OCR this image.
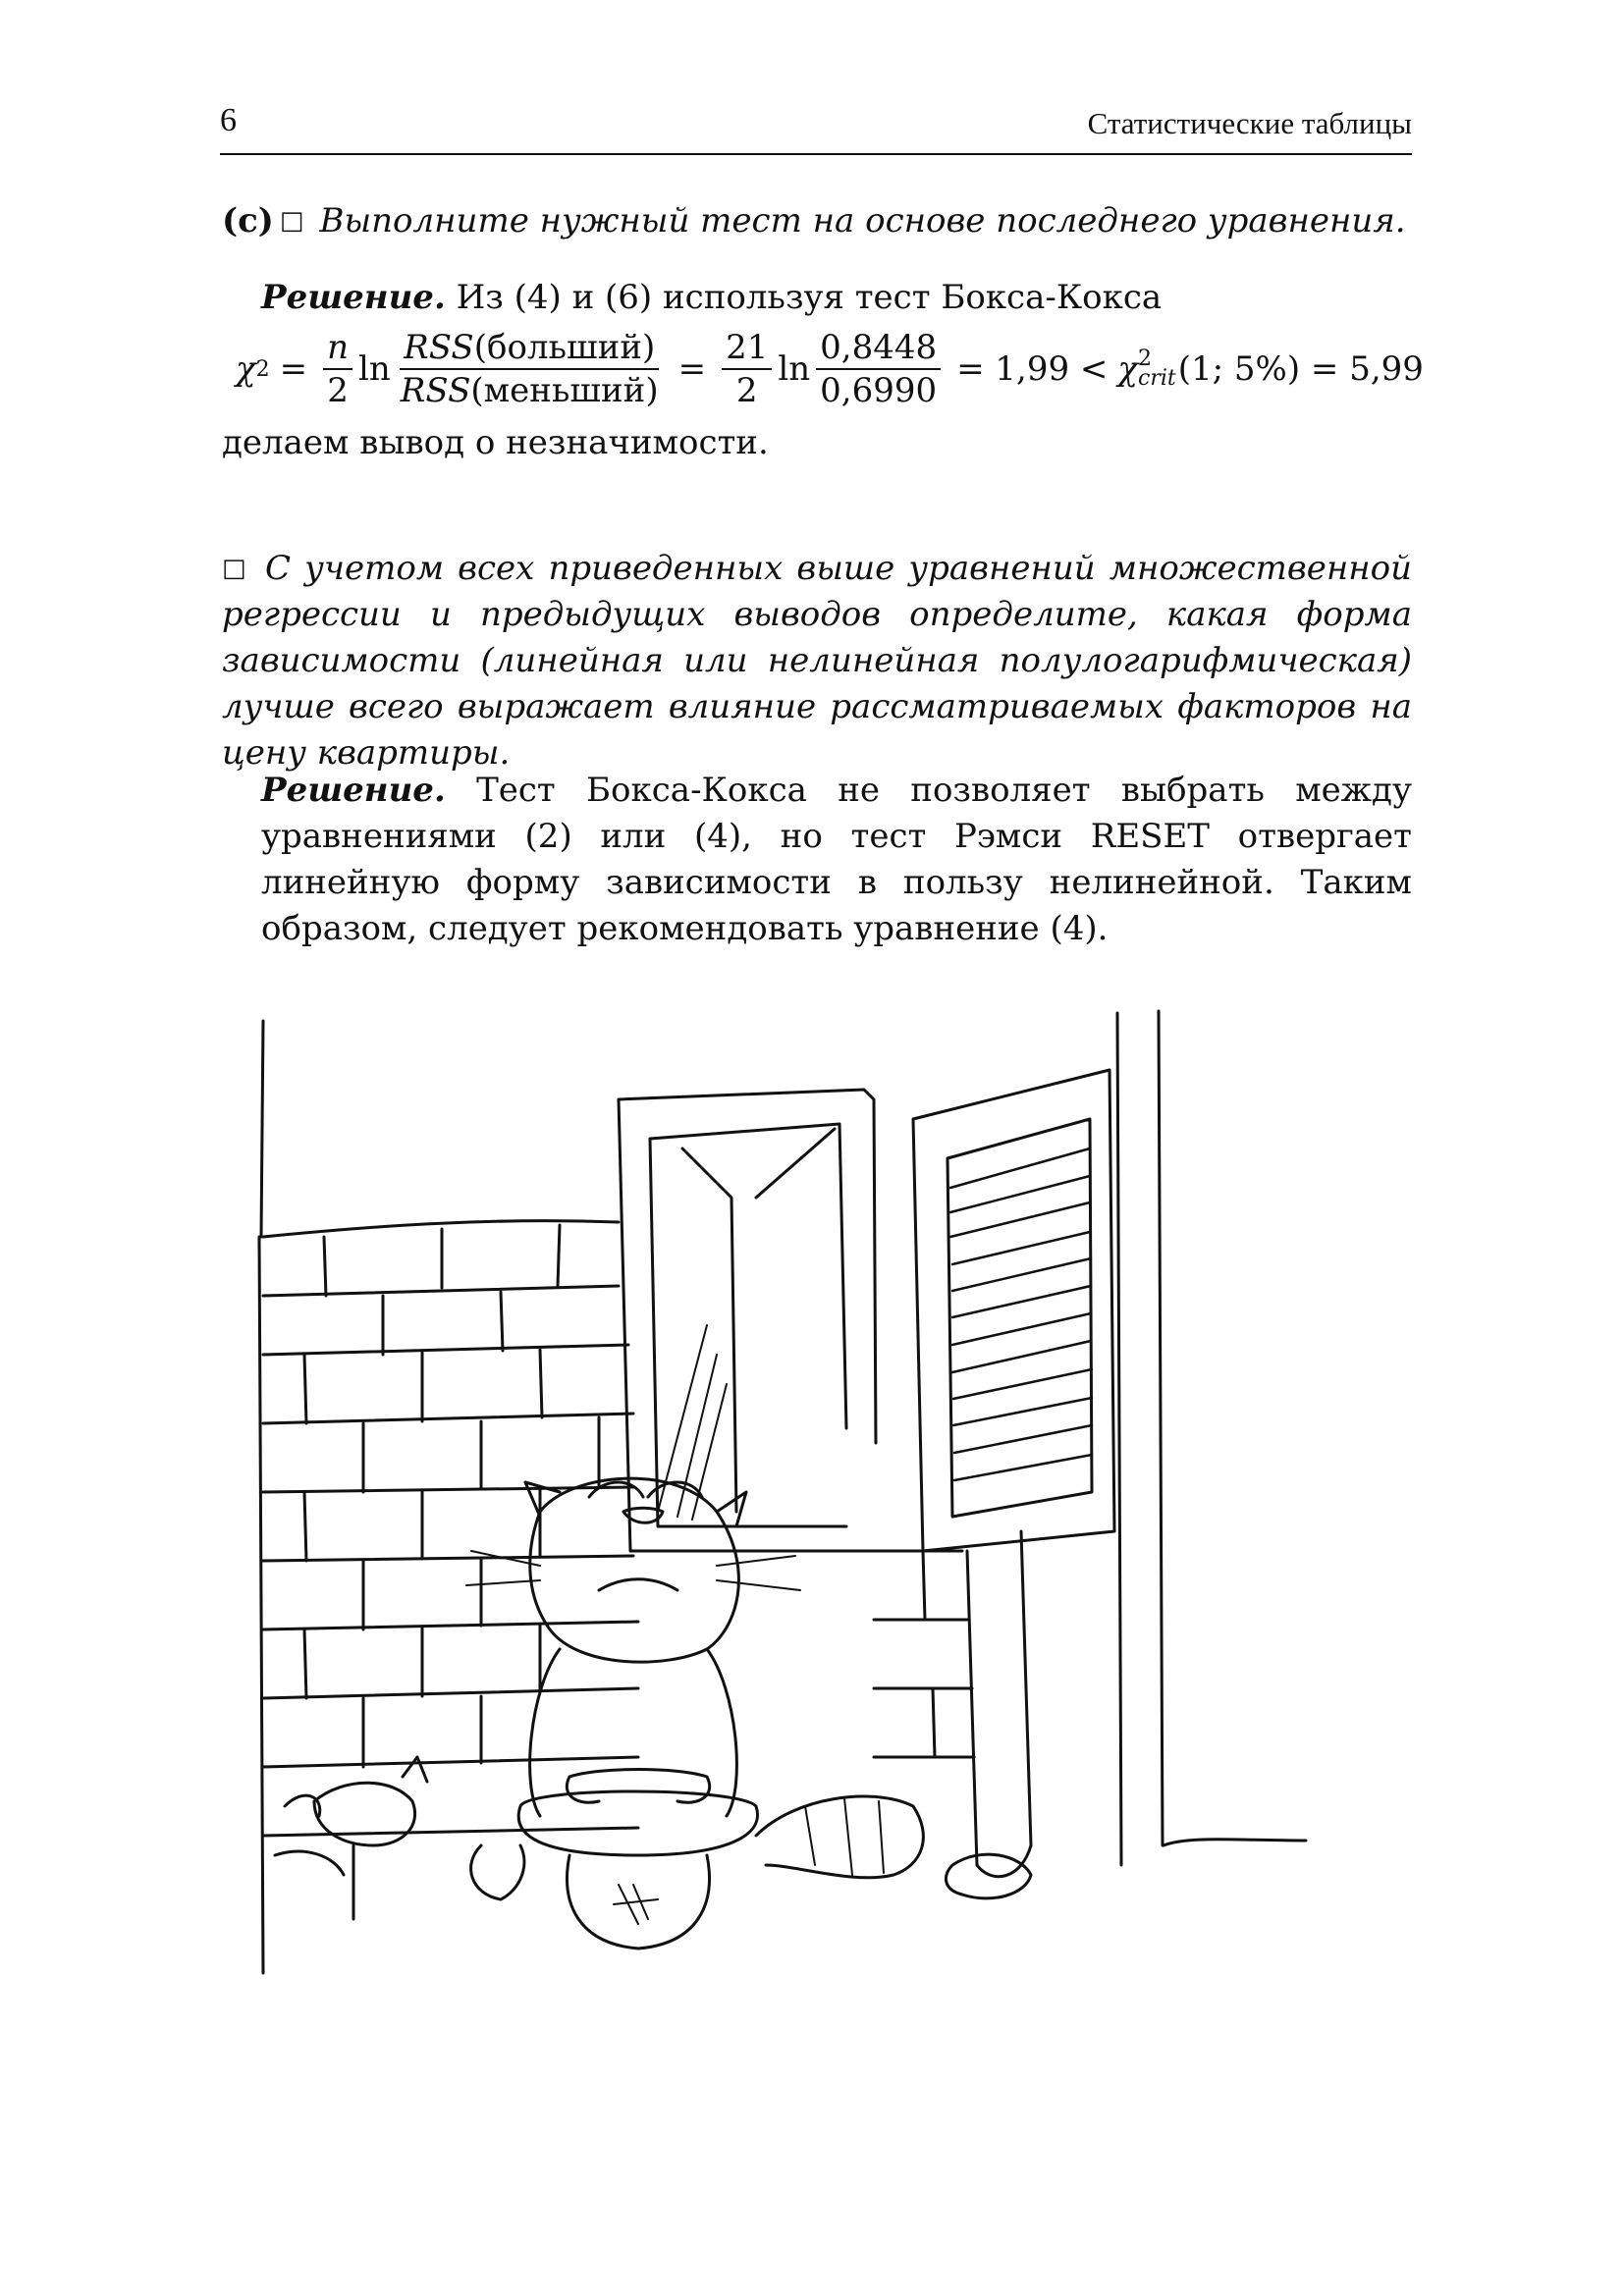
6	Статистические таблицы

(c) □ Выполните нужный тест на основе последнего уравнения.

Решение. Из (4) и (6) используя тест Бокса-Кокса

χ $2 = \frac{n}{2}$ $\ln \frac{\text{RSS(больший)}}{\text{RSS(меньший)}} = \frac{21}{2}$ $\ln \frac{0,8448}{0,6990} = 1,99 < \chi$ 2
crit (1; 5%) = 5,99

делаем вывод о незначимости.

□ С учетом всех приведенных выше уравнений множественной регрессии и предыдущих выводов определите, какая форма зависимости (линейная или нелинейная полулогарифмическая) лучше всего выражает влияние рассматриваемых факторов на цену квартиры.

Решение. Тест Бокса-Кокса не позволяет выбрать между уравнениями (2) или (4), но тест Рэмси RESET отвергает линейную форму зависимости в пользу нелинейной. Таким образом, следует рекомендовать уравнение (4).
